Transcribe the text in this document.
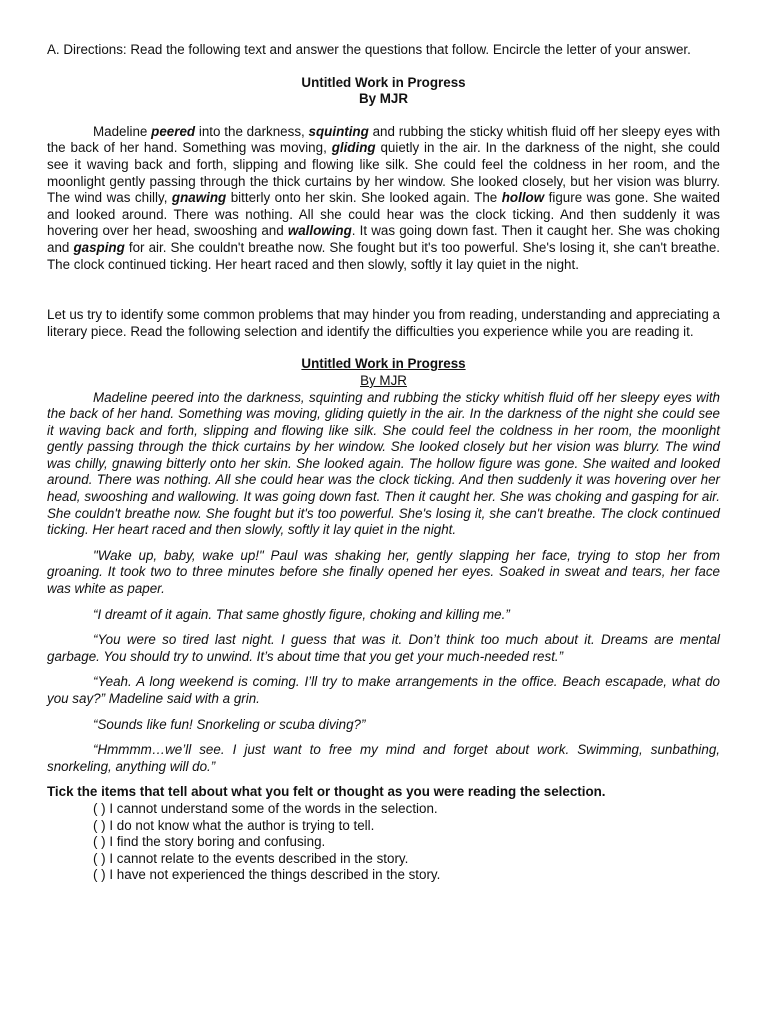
A. Directions: Read the following text and answer the questions that follow. Encircle the letter of your answer.

Untitled Work in Progress

By MJR

Madeline peered into the darkness, squinting and rubbing the sticky whitish fluid off her sleepy eyes with the back of her hand. Something was moving, gliding quietly in the air. In the darkness of the night, she could see it waving back and forth, slipping and flowing like silk. She could feel the coldness in her room, and the moonlight gently passing through the thick curtains by her window. She looked closely, but her vision was blurry. The wind was chilly, gnawing bitterly onto her skin. She looked again. The hollow figure was gone. She waited and looked around. There was nothing. All she could hear was the clock ticking. And then suddenly it was hovering over her head, swooshing and wallowing. It was going down fast. Then it caught her. She was choking and gasping for air. She couldn't breathe now. She fought but it's too powerful. She's losing it, she can't breathe. The clock continued ticking. Her heart raced and then slowly, softly it lay quiet in the night.

Let us try to identify some common problems that may hinder you from reading, understanding and appreciating a literary piece. Read the following selection and identify the difficulties you experience while you are reading it.

Untitled Work in Progress

By MJR

Madeline peered into the darkness, squinting and rubbing the sticky whitish fluid off her sleepy eyes with the back of her hand. Something was moving, gliding quietly in the air. In the darkness of the night she could see it waving back and forth, slipping and flowing like silk. She could feel the coldness in her room, the moonlight gently passing through the thick curtains by her window. She looked closely but her vision was blurry. The wind was chilly, gnawing bitterly onto her skin. She looked again. The hollow figure was gone. She waited and looked around. There was nothing. All she could hear was the clock ticking. And then suddenly it was hovering over her head, swooshing and wallowing. It was going down fast. Then it caught her. She was choking and gasping for air. She couldn't breathe now. She fought but it's too powerful. She's losing it, she can't breathe. The clock continued ticking. Her heart raced and then slowly, softly it lay quiet in the night.

"Wake up, baby, wake up!" Paul was shaking her, gently slapping her face, trying to stop her from groaning. It took two to three minutes before she finally opened her eyes. Soaked in sweat and tears, her face was white as paper.

“I dreamt of it again. That same ghostly figure, choking and killing me.”

“You were so tired last night. I guess that was it. Don’t think too much about it. Dreams are mental garbage. You should try to unwind. It’s about time that you get your much-needed rest.”

“Yeah. A long weekend is coming. I’ll try to make arrangements in the office. Beach escapade, what do you say?” Madeline said with a grin.

“Sounds like fun! Snorkeling or scuba diving?”

“Hmmmm…we’ll see. I just want to free my mind and forget about work. Swimming, sunbathing, snorkeling, anything will do.”

Tick the items that tell about what you felt or thought as you were reading the selection.

( ) I cannot understand some of the words in the selection.
( ) I do not know what the author is trying to tell.
( ) I find the story boring and confusing.
( ) I cannot relate to the events described in the story.
( ) I have not experienced the things described in the story.
